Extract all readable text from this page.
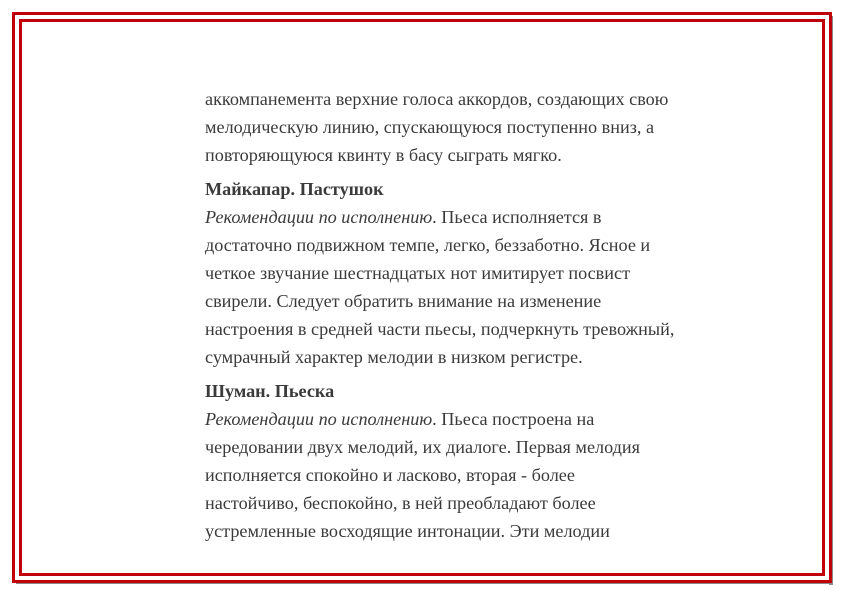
аккомпанемента верхние голоса аккордов, создающих свою
мелодическую линию, спускающуюся поступенно вниз, а
повторяющуюся квинту в басу сыграть мягко.

Майкапар. Пастушок

Рекомендации по исполнению. Пьеса исполняется в
достаточно подвижном темпе, легко, беззаботно. Ясное и
четкое звучание шестнадцатых нот имитирует посвист
свирели. Следует обратить внимание на изменение
настроения в средней части пьесы, подчеркнуть тревожный,
сумрачный характер мелодии в низком регистре.

Шуман. Пьеска

Рекомендации по исполнению. Пьеса построена на
чередовании двух мелодий, их диалоге. Первая мелодия
исполняется спокойно и ласково, вторая - более
настойчиво, беспокойно, в ней преобладают более
устремленные восходящие интонации. Эти мелодии
